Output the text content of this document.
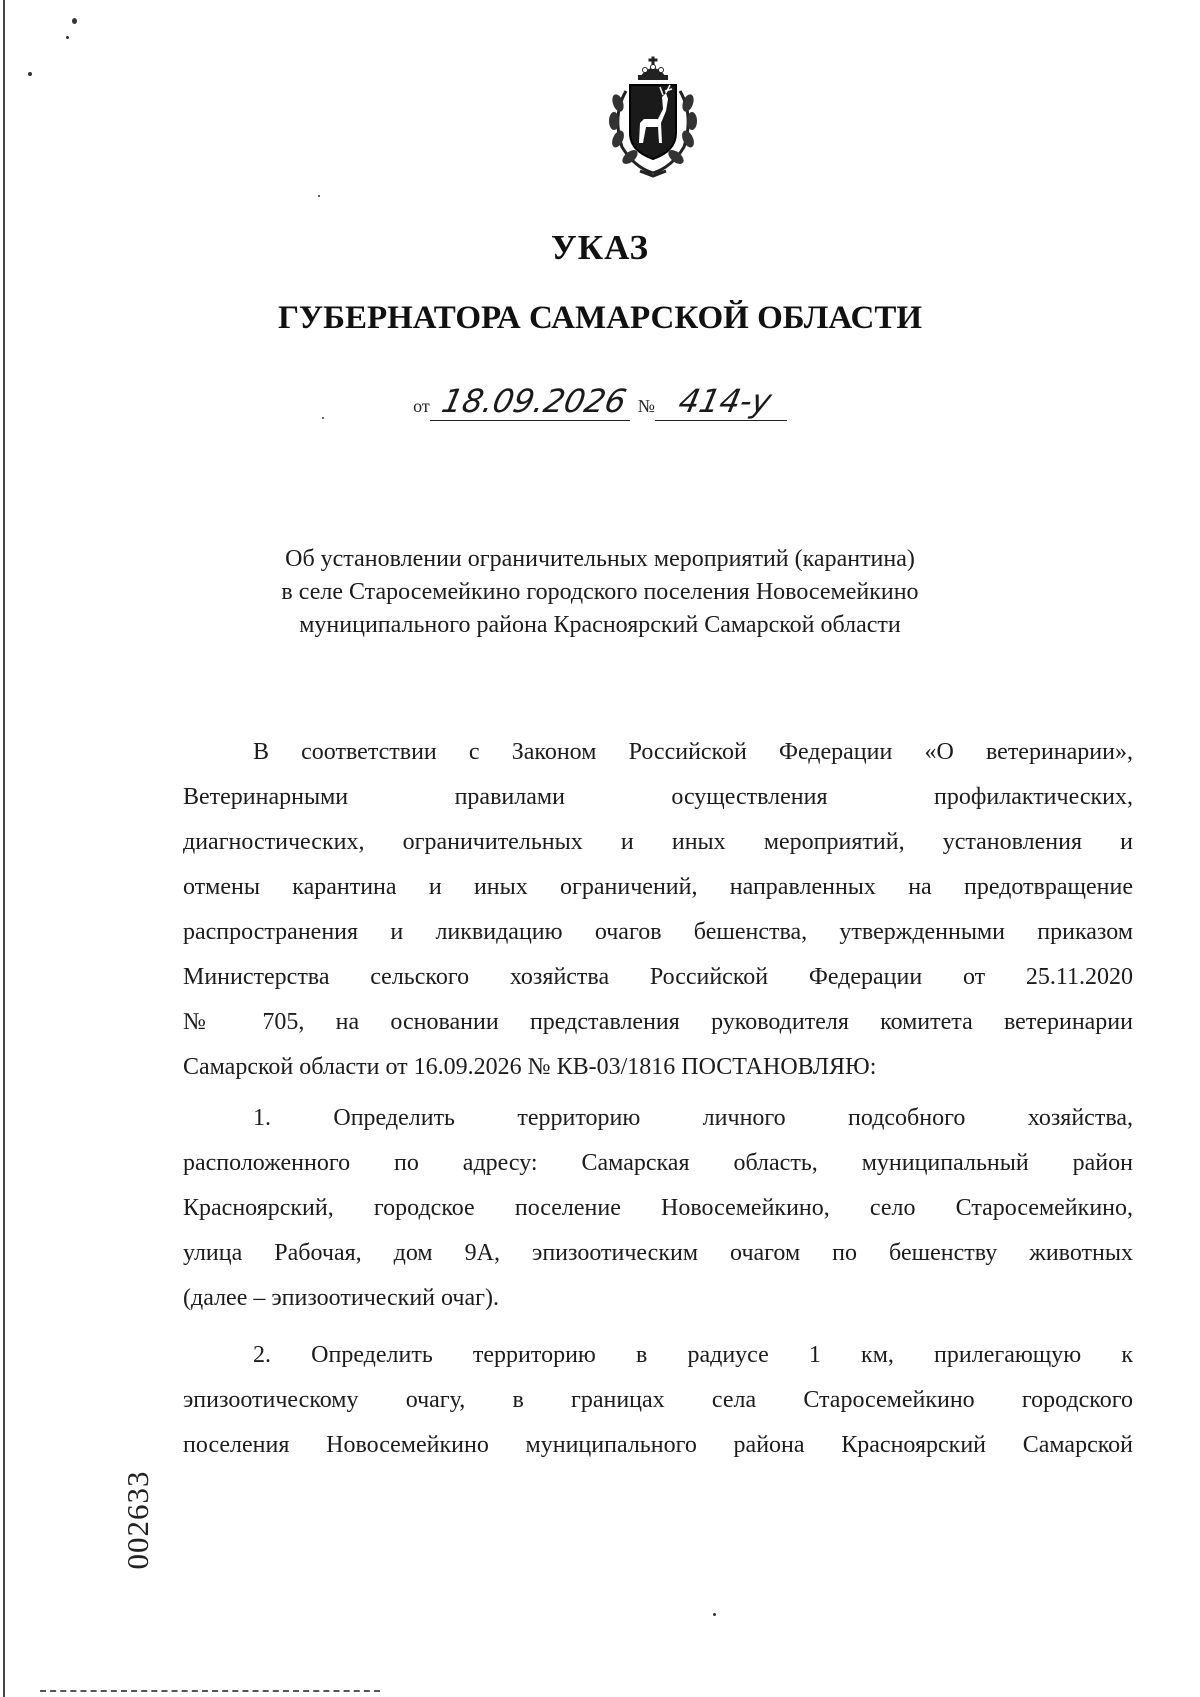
УКАЗ
ГУБЕРНАТОРА САМАРСКОЙ ОБЛАСТИ
от 18.09.2026 № 414-у
Об установлении ограничительных мероприятий (карантина)
в селе Старосемейкино городского поселения Новосемейкино
муниципального района Красноярский Самарской области
В соответствии с Законом Российской Федерации «О ветеринарии»,
Ветеринарными правилами осуществления профилактических,
диагностических, ограничительных и иных мероприятий, установления и
отмены карантина и иных ограничений, направленных на предотвращение
распространения и ликвидацию очагов бешенства, утвержденными приказом
Министерства сельского хозяйства Российской Федерации от 25.11.2020
№ 705, на основании представления руководителя комитета ветеринарии
Самарской области от 16.09.2026 № КВ-03/1816 ПОСТАНОВЛЯЮ:
1. Определить территорию личного подсобного хозяйства,
расположенного по адресу: Самарская область, муниципальный район
Красноярский, городское поселение Новосемейкино, село Старосемейкино,
улица Рабочая, дом 9А, эпизоотическим очагом по бешенству животных
(далее – эпизоотический очаг).
2. Определить территорию в радиусе 1 км, прилегающую к
эпизоотическому очагу, в границах села Старосемейкино городского
поселения Новосемейкино муниципального района Красноярский Самарской
002633
